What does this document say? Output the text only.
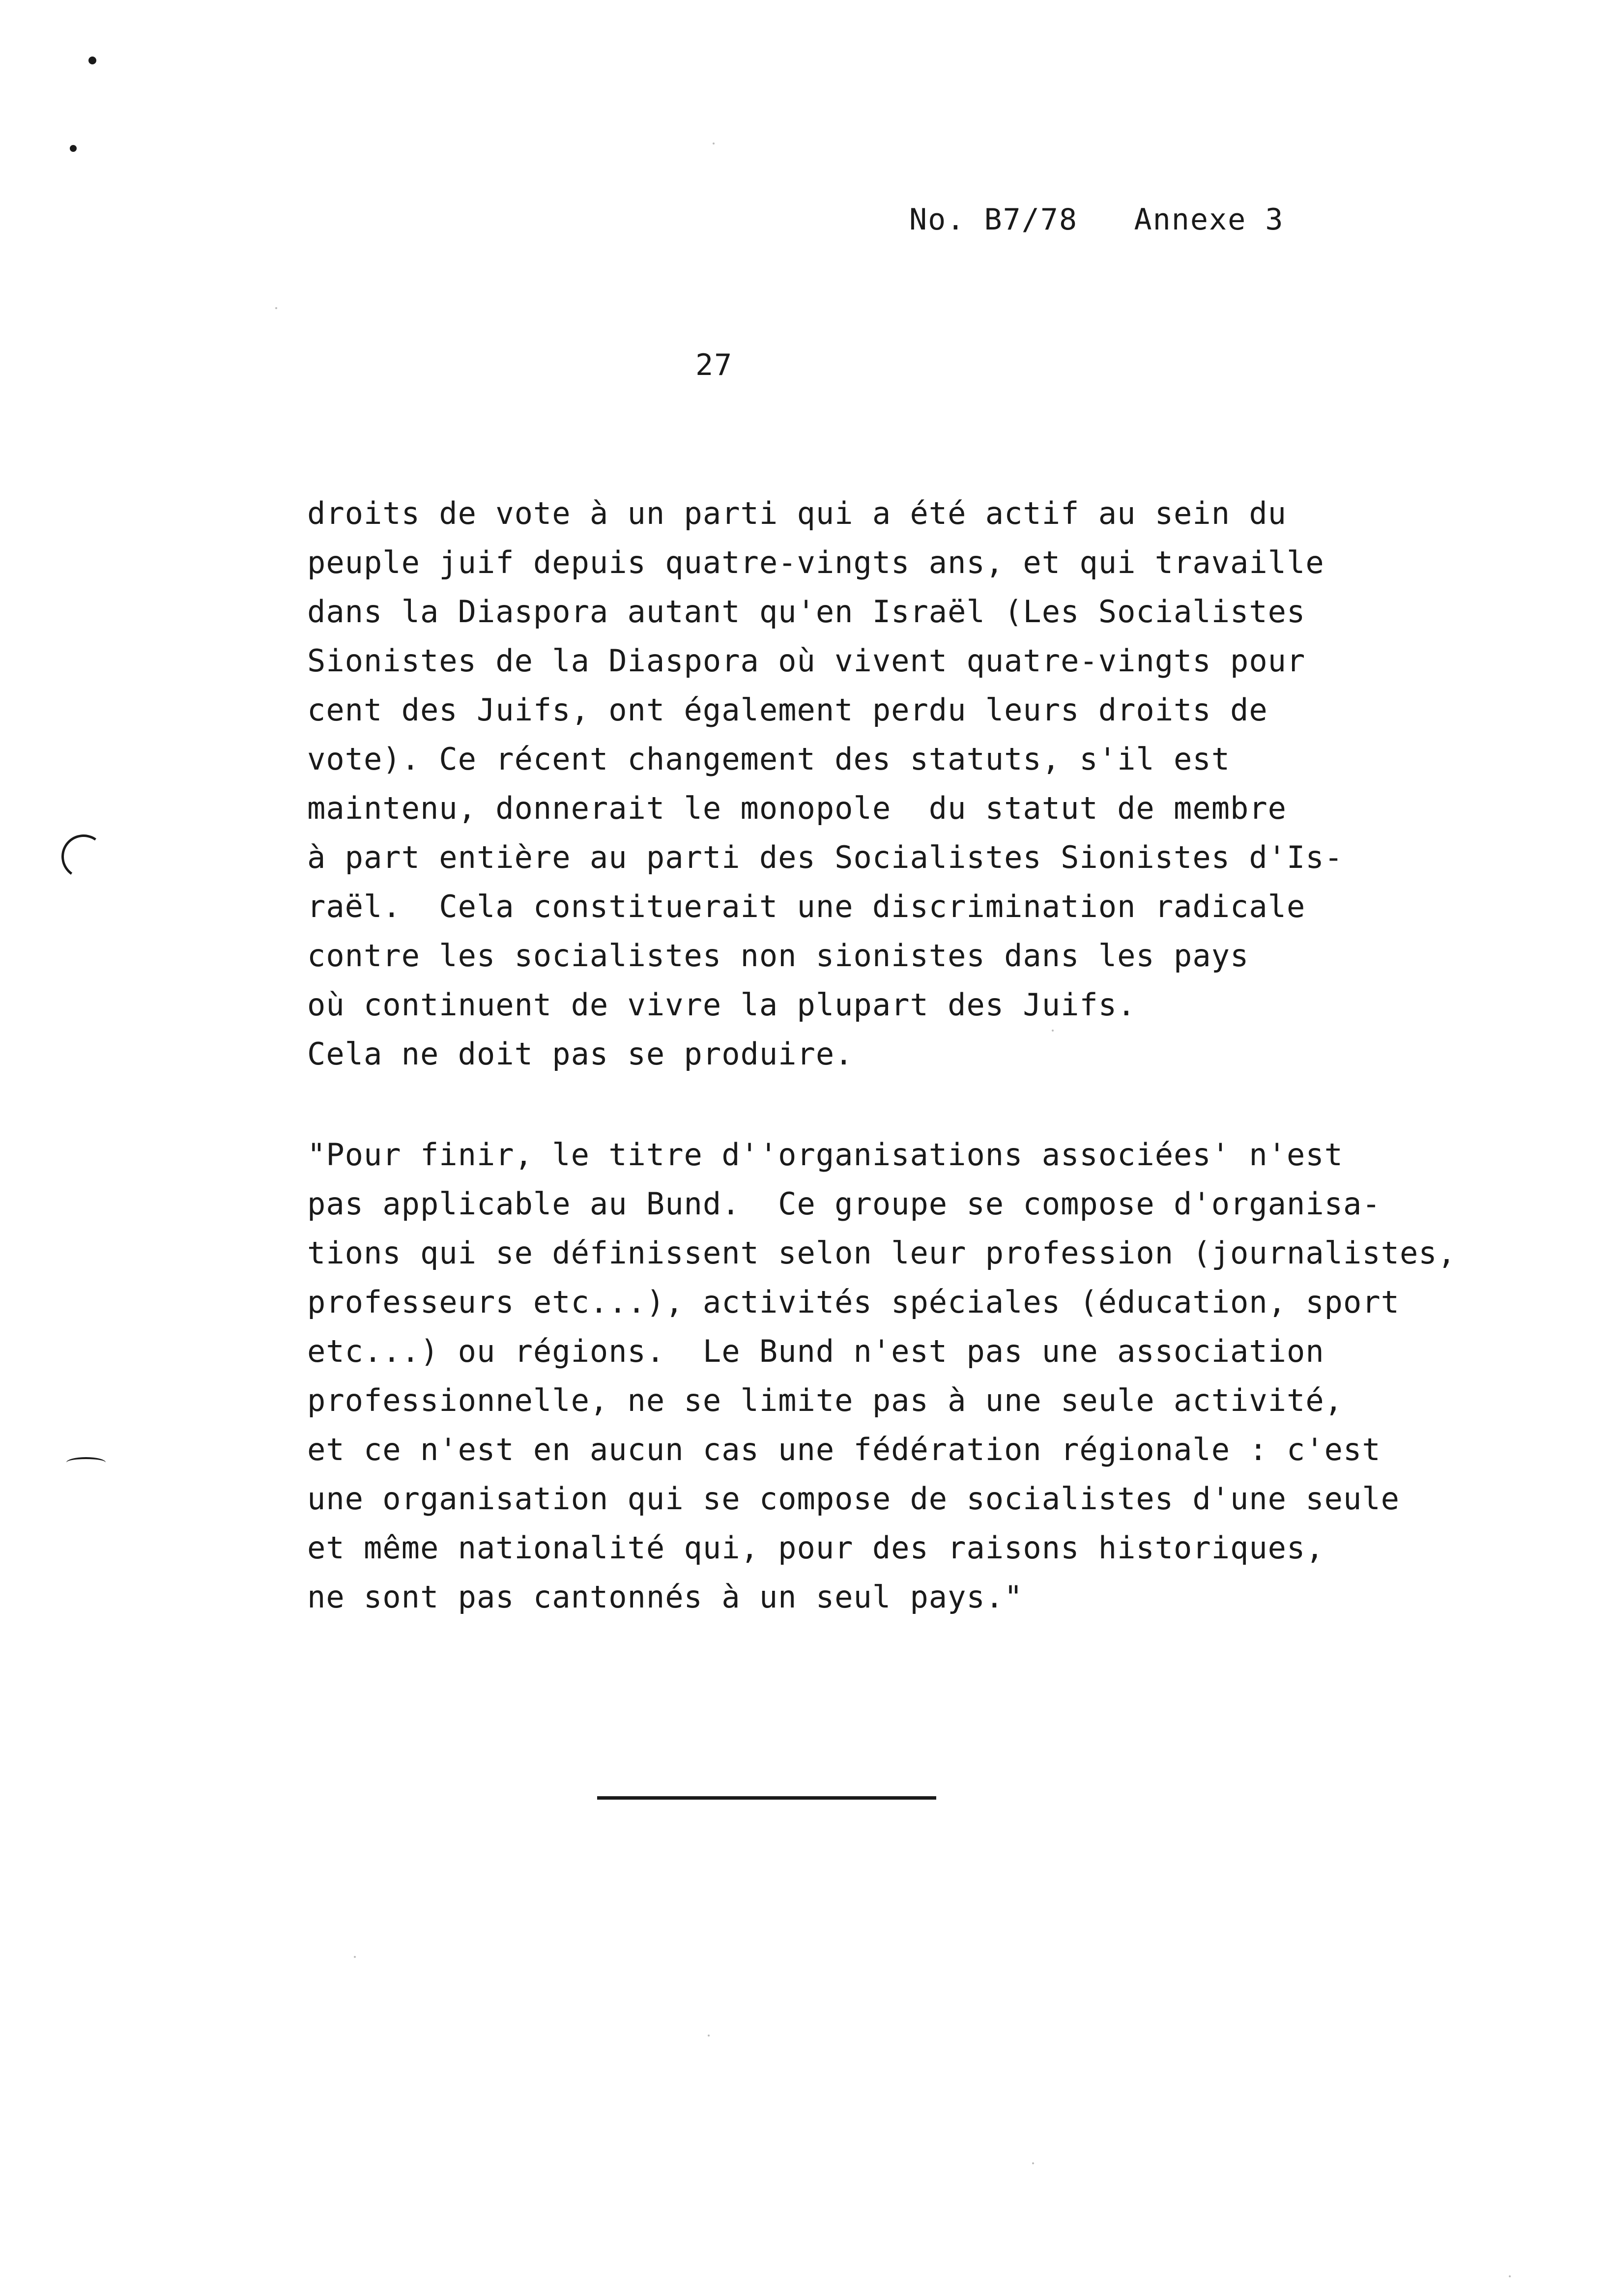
No. B7/78   Annexe 3
27
droits de vote à un parti qui a été actif au sein du
peuple juif depuis quatre-vingts ans, et qui travaille
dans la Diaspora autant qu'en Israël (Les Socialistes
Sionistes de la Diaspora où vivent quatre-vingts pour
cent des Juifs, ont également perdu leurs droits de
vote). Ce récent changement des statuts, s'il est
maintenu, donnerait le monopole  du statut de membre
à part entière au parti des Socialistes Sionistes d'Is-
raël.  Cela constituerait une discrimination radicale
contre les socialistes non sionistes dans les pays
où continuent de vivre la plupart des Juifs.
Cela ne doit pas se produire.
"Pour finir, le titre d''organisations associées' n'est
pas applicable au Bund.  Ce groupe se compose d'organisa-
tions qui se définissent selon leur profession (journalistes,
professeurs etc...), activités spéciales (éducation, sport
etc...) ou régions.  Le Bund n'est pas une association
professionnelle, ne se limite pas à une seule activité,
et ce n'est en aucun cas une fédération régionale : c'est
une organisation qui se compose de socialistes d'une seule
et même nationalité qui, pour des raisons historiques,
ne sont pas cantonnés à un seul pays."
